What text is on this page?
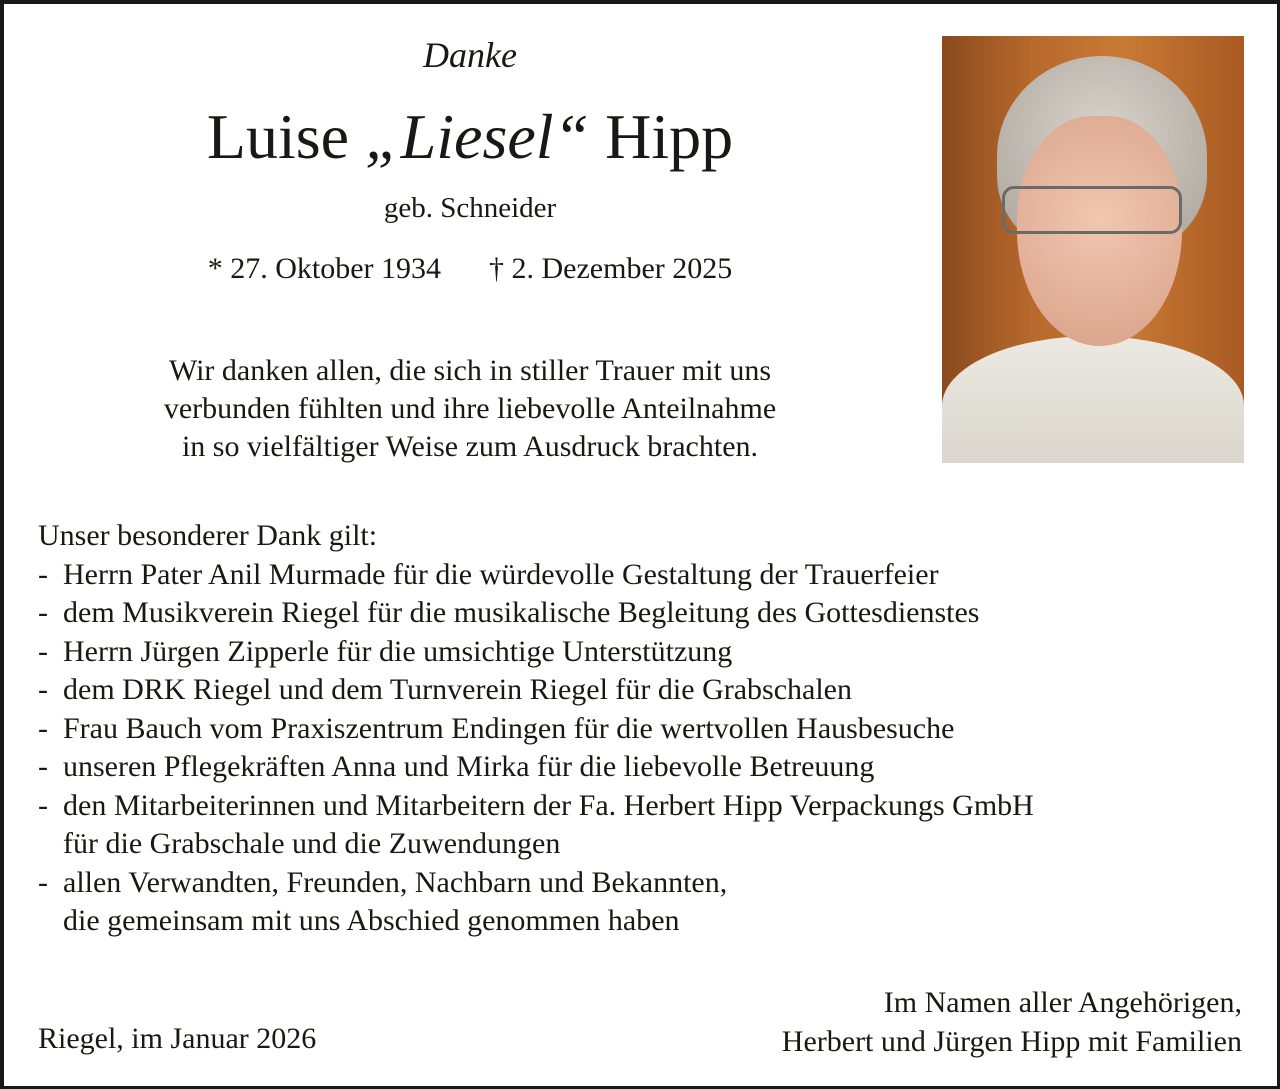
Danke
Luise „Liesel“ Hipp
geb. Schneider
* 27. Oktober 1934 † 2. Dezember 2025
Wir danken allen, die sich in stiller Trauer mit uns
verbunden fühlten und ihre liebevolle Anteilnahme
in so vielfältiger Weise zum Ausdruck brachten.
Unser besonderer Dank gilt:
- Herrn Pater Anil Murmade für die würdevolle Gestaltung der Trauerfeier
- dem Musikverein Riegel für die musikalische Begleitung des Gottesdienstes
- Herrn Jürgen Zipperle für die umsichtige Unterstützung
- dem DRK Riegel und dem Turnverein Riegel für die Grabschalen
- Frau Bauch vom Praxiszentrum Endingen für die wertvollen Hausbesuche
- unseren Pflegekräften Anna und Mirka für die liebevolle Betreuung
- den Mitarbeiterinnen und Mitarbeitern der Fa. Herbert Hipp Verpackungs GmbH
für die Grabschale und die Zuwendungen
- allen Verwandten, Freunden, Nachbarn und Bekannten,
die gemeinsam mit uns Abschied genommen haben
Riegel, im Januar 2026
Im Namen aller Angehörigen,
Herbert und Jürgen Hipp mit Familien
